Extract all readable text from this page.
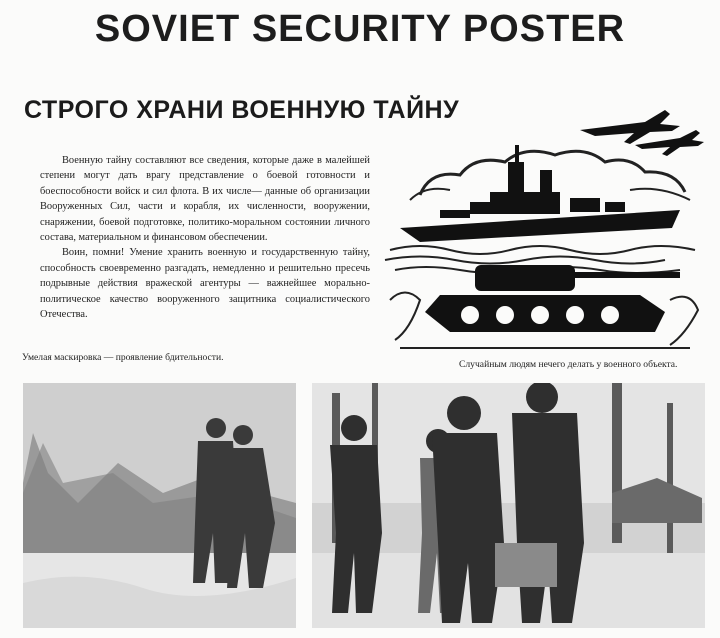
SOVIET SECURITY POSTER
СТРОГО ХРАНИ ВОЕННУЮ ТАЙНУ

Военную тайну составляют все сведения, которые даже в малейшей степени могут дать врагу представление о боевой готовности и боеспособности войск и сил флота. В их числе— данные об организации Вооруженных Сил, части и корабля, их численности, вооружении, снаряжении, боевой подготовке, политико-моральном состоянии личного состава, материальном и финансовом обеспечении.

Воин, помни! Умение хранить военную и государственную тайну, способность своевременно разгадать, немедленно и решительно пресечь подрывные действия вражеской агентуры — важнейшее морально-политическое качество вооруженного защитника социалистического Отечества.

Умелая маскировка — проявление бдительности.
Случайным людям нечего делать у военного объекта.
